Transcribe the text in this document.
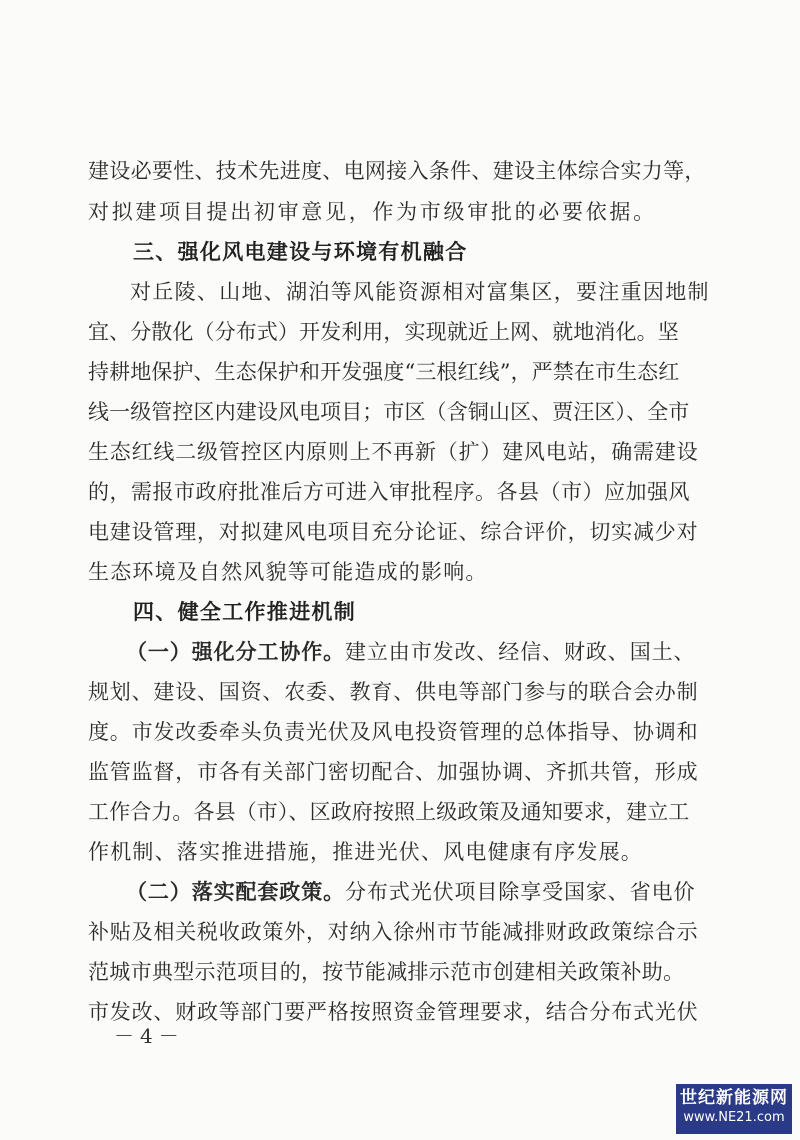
建设必要性、技术先进度、电网接入条件、建设主体综合实力等，
对拟建项目提出初审意见，作为市级审批的必要依据。
三、强化风电建设与环境有机融合
对丘陵、山地、湖泊等风能资源相对富集区，要注重因地制
宜、分散化（分布式）开发利用，实现就近上网、就地消化。坚
持耕地保护、生态保护和开发强度“三根红线”，严禁在市生态红
线一级管控区内建设风电项目；市区（含铜山区、贾汪区）、全市
生态红线二级管控区内原则上不再新（扩）建风电站，确需建设
的，需报市政府批准后方可进入审批程序。各县（市）应加强风
电建设管理，对拟建风电项目充分论证、综合评价，切实减少对
生态环境及自然风貌等可能造成的影响。
四、健全工作推进机制
（一）强化分工协作。建立由市发改、经信、财政、国土、
规划、建设、国资、农委、教育、供电等部门参与的联合会办制
度。市发改委牵头负责光伏及风电投资管理的总体指导、协调和
监管监督，市各有关部门密切配合、加强协调、齐抓共管，形成
工作合力。各县（市）、区政府按照上级政策及通知要求，建立工
作机制、落实推进措施，推进光伏、风电健康有序发展。
（二）落实配套政策。分布式光伏项目除享受国家、省电价
补贴及相关税收政策外，对纳入徐州市节能减排财政政策综合示
范城市典型示范项目的，按节能减排示范市创建相关政策补助。
市发改、财政等部门要严格按照资金管理要求，结合分布式光伏
－4－
世纪新能源网
www.NE21.com
